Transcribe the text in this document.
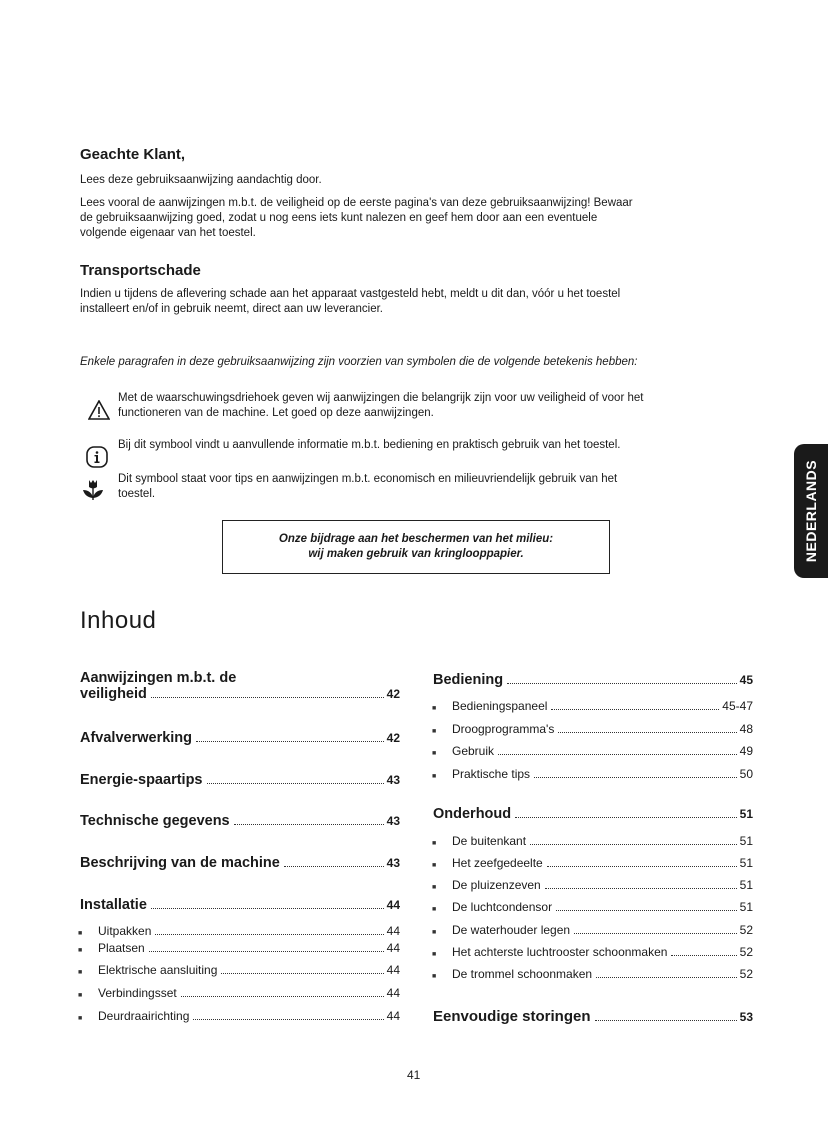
Geachte Klant,
Lees deze gebruiksaanwijzing aandachtig door.
Lees vooral de aanwijzingen m.b.t. de veiligheid op de eerste pagina's van deze gebruiksaanwijzing! Bewaar
de gebruiksaanwijzing goed, zodat u nog eens iets kunt nalezen en geef hem door aan een eventuele
volgende eigenaar van het toestel.
Transportschade
Indien u tijdens de aflevering schade aan het apparaat vastgesteld hebt, meldt u dit dan, vóór u het toestel
installeert en/of in gebruik neemt, direct aan uw leverancier.
Enkele paragrafen in deze gebruiksaanwijzing zijn voorzien van symbolen die de volgende betekenis hebben:
Met de waarschuwingsdriehoek geven wij aanwijzingen die belangrijk zijn voor uw veiligheid of voor het
functioneren van de machine. Let goed op deze aanwijzingen.
Bij dit symbool vindt u aanvullende informatie m.b.t. bediening en praktisch gebruik van het toestel.
Dit symbool staat voor tips en aanwijzingen m.b.t. economisch en milieuvriendelijk gebruik van het
toestel.
Onze bijdrage aan het beschermen van het milieu:
wij maken gebruik van kringlooppapier.	NEDERLANDS
Inhoud
Aanwijzingen m.b.t. de
veiligheid	42
Afvalverwerking	42
Energie-spaartips	43
Technische gegevens	43
Beschrijving van de machine	43
Installatie	44
■	Uitpakken	44
■	Plaatsen	44
■	Elektrische aansluiting	44
■	Verbindingsset	44
■	Deurdraairichting	44
Bediening	45
■	Bedieningspaneel	45-47
■	Droogprogramma's	48
■	Gebruik	49
■	Praktische tips	50
Onderhoud	51
■	De buitenkant	51
■	Het zeefgedeelte	51
■	De pluizenzeven	51
■	De luchtcondensor	51
■	De waterhouder legen	52
■	Het achterste luchtrooster schoonmaken	52
■	De trommel schoonmaken	52
Eenvoudige storingen	53
41
